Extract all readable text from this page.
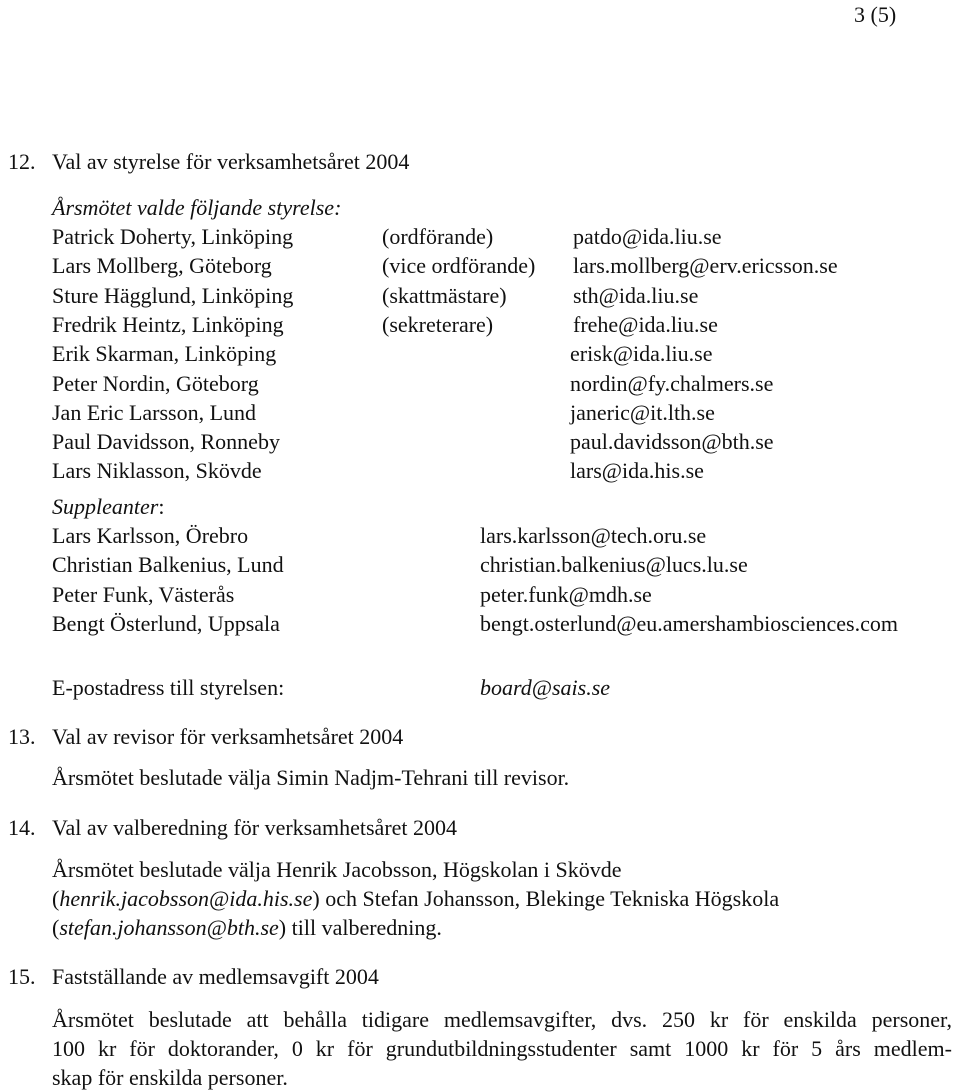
3 (5)
12. Val av styrelse för verksamhetsåret 2004
Årsmötet valde följande styrelse:
Patrick Doherty, Linköping	(ordförande)	patdo@ida.liu.se
Lars Mollberg, Göteborg	(vice ordförande) lars.mollberg@erv.ericsson.se
Sture Hägglund, Linköping	(skattmästare)	sth@ida.liu.se
Fredrik Heintz, Linköping	(sekreterare)	frehe@ida.liu.se
Erik Skarman, Linköping	erisk@ida.liu.se
Peter Nordin, Göteborg	nordin@fy.chalmers.se
Jan Eric Larsson, Lund	janeric@it.lth.se
Paul Davidsson, Ronneby	paul.davidsson@bth.se
Lars Niklasson, Skövde	lars@ida.his.se
Suppleanter:
Lars Karlsson, Örebro	lars.karlsson@tech.oru.se
Christian Balkenius, Lund	christian.balkenius@lucs.lu.se
Peter Funk, Västerås	peter.funk@mdh.se
Bengt Österlund, Uppsala	bengt.osterlund@eu.amershambiosciences.com
E-postadress till styrelsen:	board@sais.se
13. Val av revisor för verksamhetsåret 2004
Årsmötet beslutade välja Simin Nadjm-Tehrani till revisor.
14. Val av valberedning för verksamhetsåret 2004
Årsmötet beslutade välja Henrik Jacobsson, Högskolan i Skövde
(henrik.jacobsson@ida.his.se) och Stefan Johansson, Blekinge Tekniska Högskola
(stefan.johansson@bth.se) till valberedning.
15. Fastställande av medlemsavgift 2004
Årsmötet beslutade att behålla tidigare medlemsavgifter, dvs. 250 kr för enskilda personer,
100 kr för doktorander, 0 kr för grundutbildningsstudenter samt 1000 kr för 5 års medlem-
skap för enskilda personer.
